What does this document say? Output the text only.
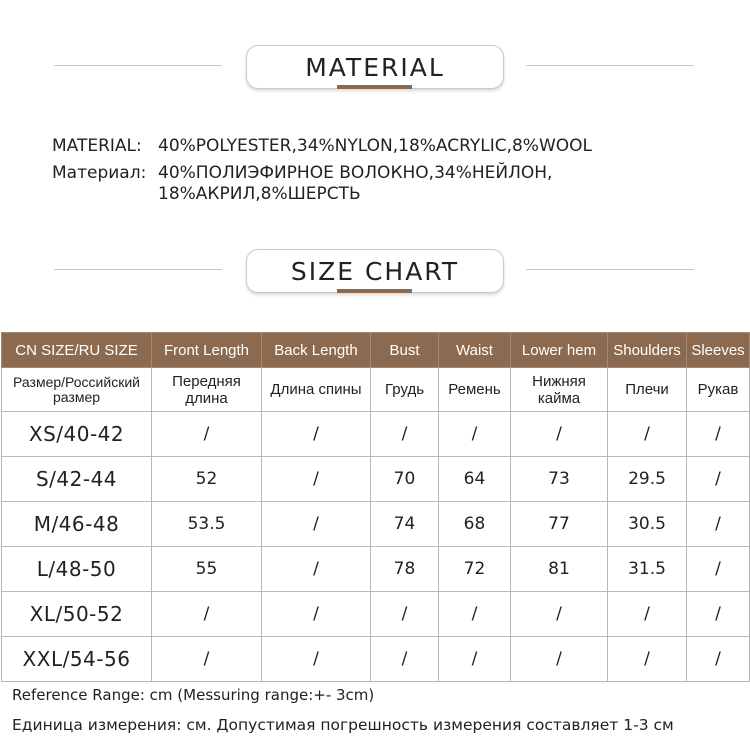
MATERIAL
MATERIAL: 40%POLYESTER,34%NYLON,18%ACRYLIC,8%WOOL
Материал: 40%ПОЛИЭФИРНОЕ ВОЛОКНО,34%НЕЙЛОН, 18%АКРИЛ,8%ШЕРСТЬ
SIZE CHART
CN SIZE/RU SIZE	Front Length	Back Length	Bust	Waist	Lower hem	Shoulders	Sleeves
Размер/Российский размер	Передняя длина	Длина спины	Грудь	Ремень	Нижняя кайма	Плечи	Рукав
XS/40-42	/	/	/	/	/	/	/
S/42-44	52	/	70	64	73	29.5	/
M/46-48	53.5	/	74	68	77	30.5	/
L/48-50	55	/	78	72	81	31.5	/
XL/50-52	/	/	/	/	/	/	/
XXL/54-56	/	/	/	/	/	/	/
Reference Range: cm (Messuring range:+- 3cm)
Единица измерения: см. Допустимая погрешность измерения составляет 1-3 см
